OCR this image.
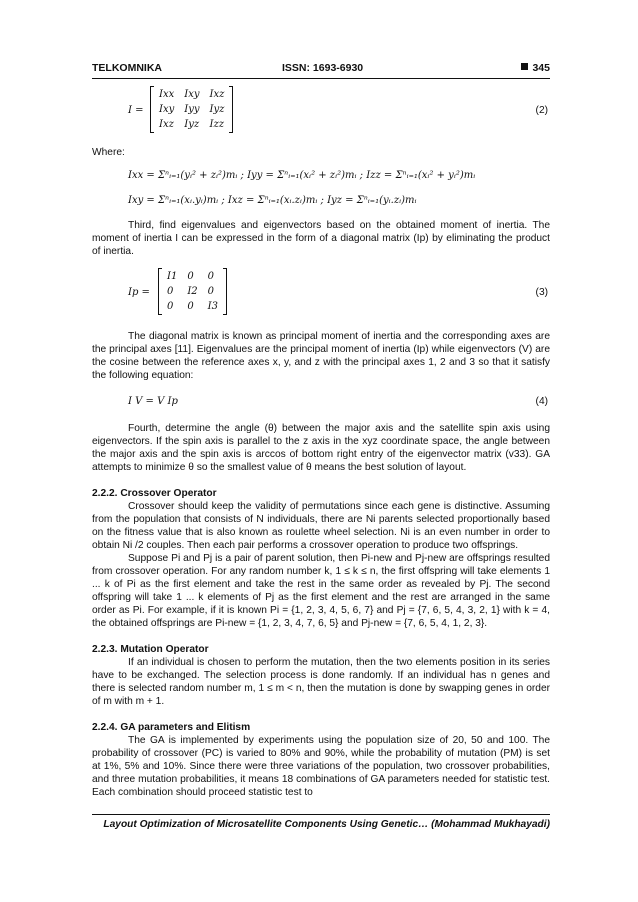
TELKOMNIKA	ISSN: 1693-6930	345
I =
Ixx	Ixy	Ixz
Ixy	Iyy	Iyz
Ixz	Iyz	Izz
(2)

Where:

Ixx = Σⁿᵢ₌₁(yᵢ² + zᵢ²)mᵢ ; Iyy = Σⁿᵢ₌₁(xᵢ² + zᵢ²)mᵢ ; Izz = Σⁿᵢ₌₁(xᵢ² + yᵢ²)mᵢ
Ixy = Σⁿᵢ₌₁(xᵢ.yᵢ)mᵢ ; Ixz = Σⁿᵢ₌₁(xᵢ.zᵢ)mᵢ ; Iyz = Σⁿᵢ₌₁(yᵢ.zᵢ)mᵢ

Third, find eigenvalues and eigenvectors based on the obtained moment of inertia. The moment of inertia I can be expressed in the form of a diagonal matrix (Ip) by eliminating the product of inertia.

Ip =
I1	0	0
0	I2	0
0	0	I3
(3)

The diagonal matrix is known as principal moment of inertia and the corresponding axes are the principal axes [11]. Eigenvalues are the principal moment of inertia (Ip) while eigenvectors (V) are the cosine between the reference axes x, y, and z with the principal axes 1, 2 and 3 so that it satisfy the following equation:

I V = V Ip	(4)

Fourth, determine the angle (θ) between the major axis and the satellite spin axis using eigenvectors. If the spin axis is parallel to the z axis in the xyz coordinate space, the angle between the major axis and the spin axis is arccos of bottom right entry of the eigenvector matrix (v33). GA attempts to minimize θ so the smallest value of θ means the best solution of layout.

2.2.2. Crossover Operator

Crossover should keep the validity of permutations since each gene is distinctive. Assuming from the population that consists of N individuals, there are Ni parents selected proportionally based on the fitness value that is also known as roulette wheel selection. Ni is an even number in order to obtain Ni /2 couples. Then each pair performs a crossover operation to produce two offsprings.

Suppose Pi and Pj is a pair of parent solution, then Pi-new and Pj-new are offsprings resulted from crossover operation. For any random number k, 1 ≤ k ≤ n, the first offspring will take elements 1 ... k of Pi as the first element and take the rest in the same order as revealed by Pj. The second offspring will take 1 ... k elements of Pj as the first element and the rest are arranged in the same order as Pi. For example, if it is known Pi = {1, 2, 3, 4, 5, 6, 7} and Pj = {7, 6, 5, 4, 3, 2, 1} with k = 4, the obtained offsprings are Pi-new = {1, 2, 3, 4, 7, 6, 5} and Pj-new = {7, 6, 5, 4, 1, 2, 3}.

2.2.3. Mutation Operator

If an individual is chosen to perform the mutation, then the two elements position in its series have to be exchanged. The selection process is done randomly. If an individual has n genes and there is selected random number m, 1 ≤ m < n, then the mutation is done by swapping genes in order of m with m + 1.

2.2.4. GA parameters and Elitism

The GA is implemented by experiments using the population size of 20, 50 and 100. The probability of crossover (PC) is varied to 80% and 90%, while the probability of mutation (PM) is set at 1%, 5% and 10%. Since there were three variations of the population, two crossover probabilities, and three mutation probabilities, it means 18 combinations of GA parameters needed for statistic test. Each combination should proceed statistic test to

Layout Optimization of Microsatellite Components Using Genetic… (Mohammad Mukhayadi)
